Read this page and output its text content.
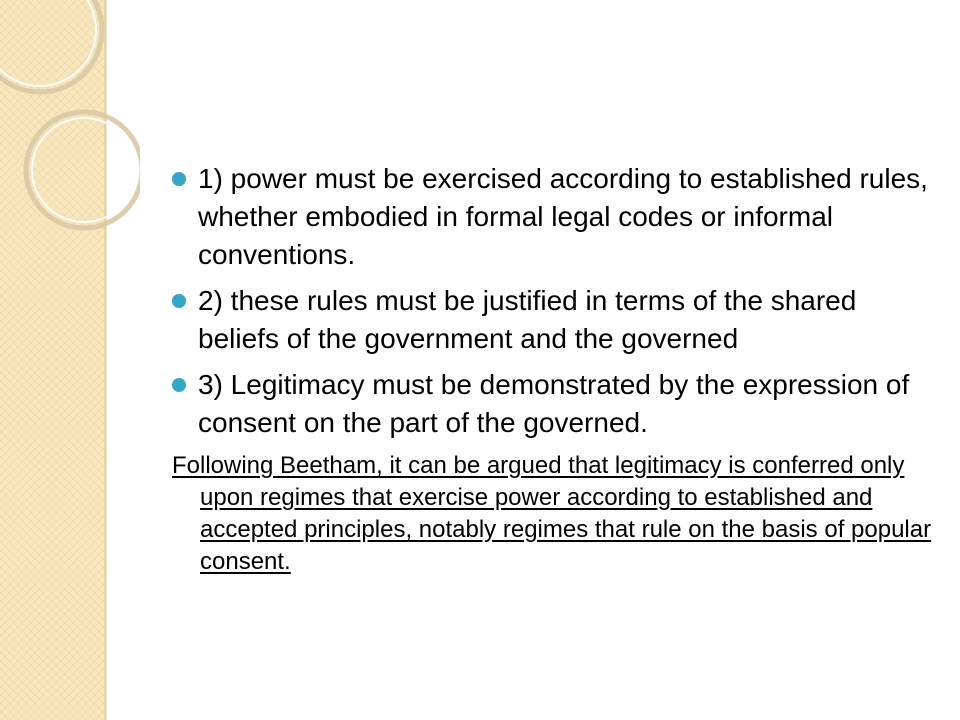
1) power must be exercised according to established rules, whether embodied in formal legal codes or informal conventions.
2) these rules must be justified in terms of the shared beliefs of the government and the governed
3) Legitimacy must be demonstrated by the expression of consent on the part of the governed.
Following Beetham, it can be argued that legitimacy is conferred only upon regimes that exercise power according to established and accepted principles, notably regimes that rule on the basis of popular consent.
